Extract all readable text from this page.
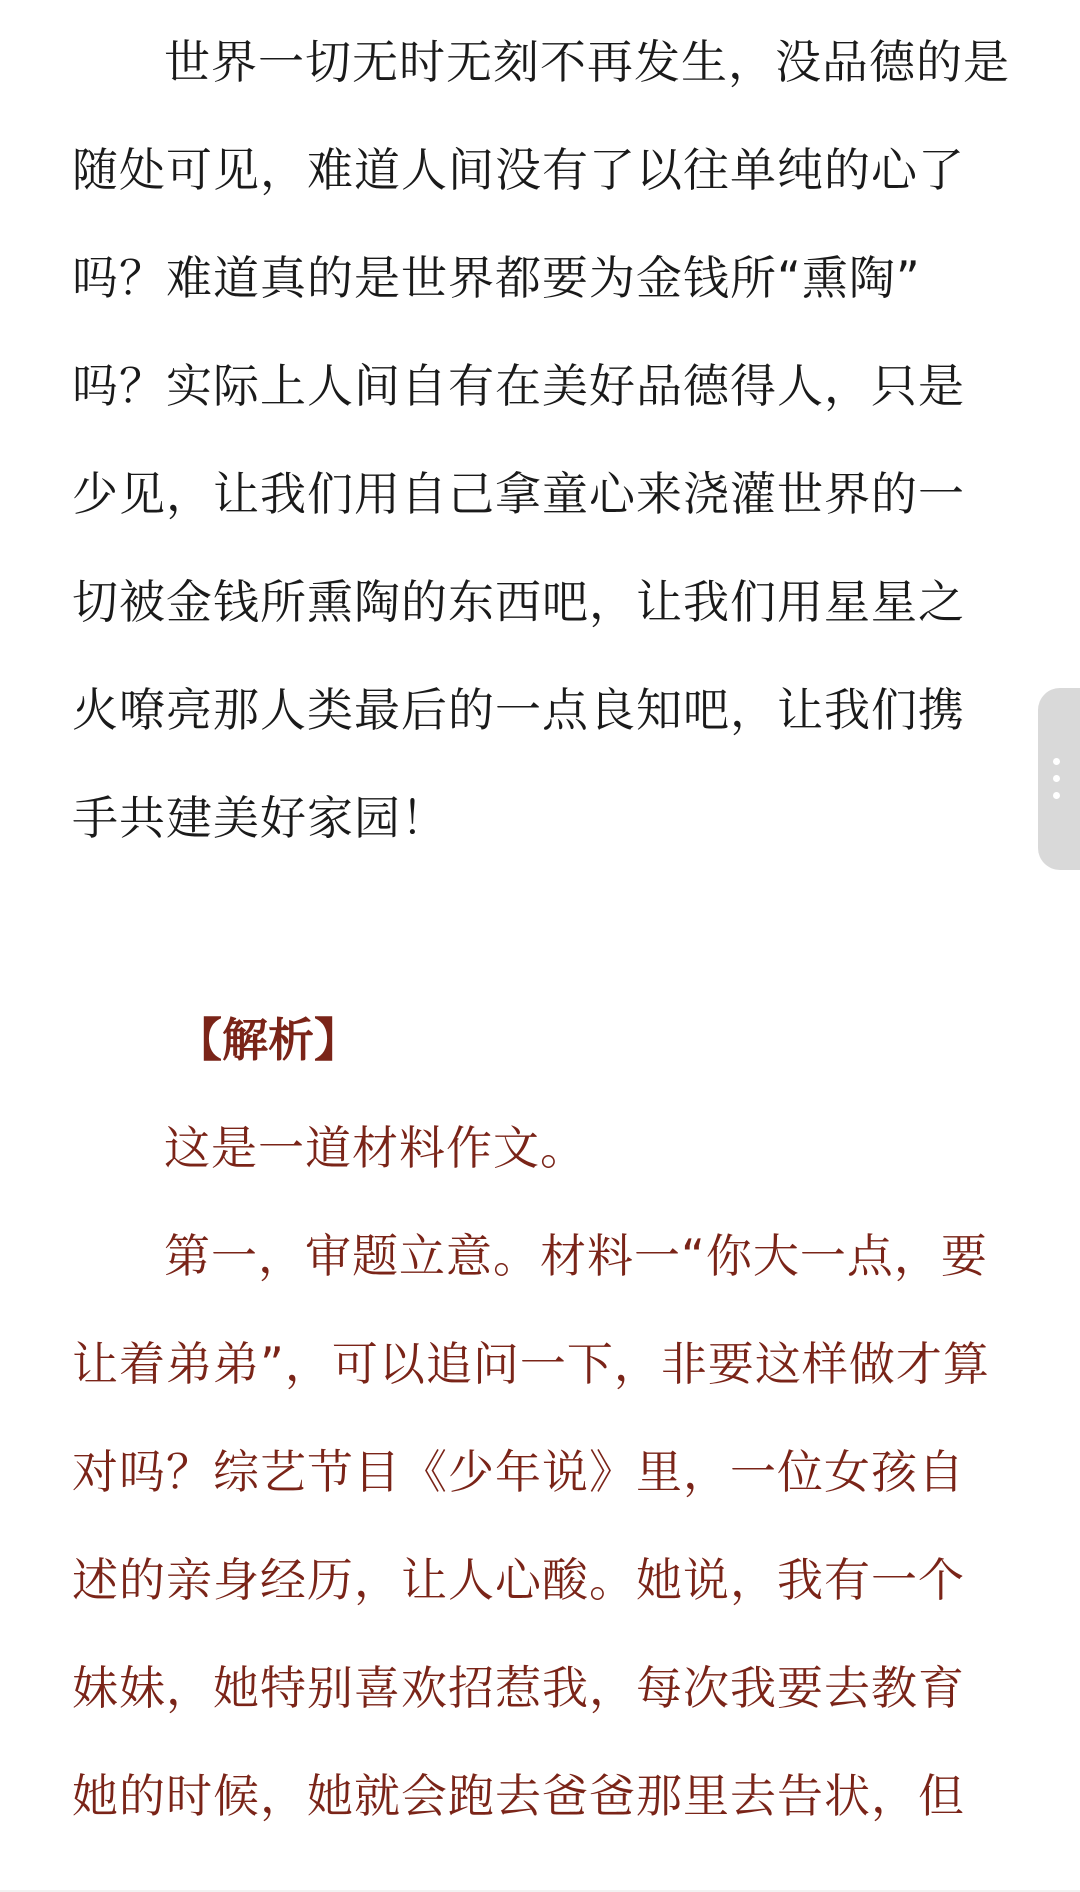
世界一切无时无刻不再发生，没品德的是
随处可见，难道人间没有了以往单纯的心了
吗？难道真的是世界都要为金钱所“熏陶”
吗？实际上人间自有在美好品德得人，只是
少见，让我们用自己拿童心来浇灌世界的一
切被金钱所熏陶的东西吧，让我们用星星之
火嘹亮那人类最后的一点良知吧，让我们携
手共建美好家园！
【解析】
这是一道材料作文。
第一，审题立意。材料一“你大一点，要
让着弟弟”，可以追问一下，非要这样做才算
对吗？综艺节目《少年说》里，一位女孩自
述的亲身经历，让人心酸。她说，我有一个
妹妹，她特别喜欢招惹我，每次我要去教育
她的时候，她就会跑去爸爸那里去告状，但
